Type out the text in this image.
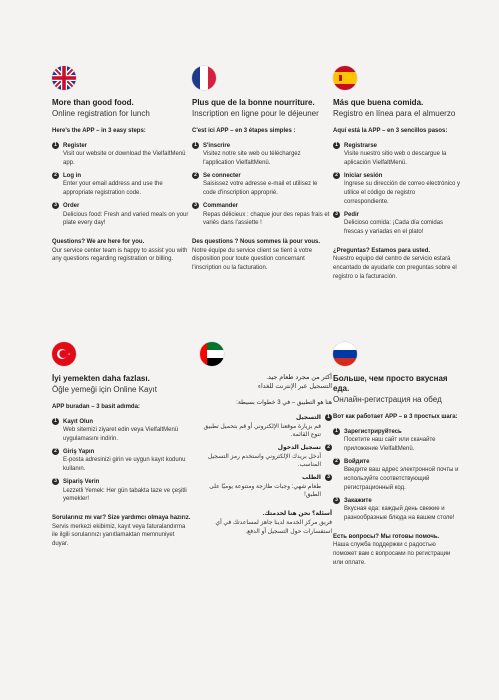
More than good food.

Online registration for lunch

Here's the APP – in 3 easy steps:

1	Register
Visit our website or download the VielfaltMenü app.
2	Log in
Enter your email address and use the appropriate registration code.
3	Order
Delicious food: Fresh and varied meals on your plate every day!
Questions? We are here for you.
Our service center team is happy to assist you with any questions regarding registration or billing.

Plus que de la bonne nourriture.

Inscription en ligne pour le déjeuner

C'est ici APP – en 3 étapes simples :

1	S'inscrire
Visitez notre site web ou téléchargez l'application VielfaltMenü.
2	Se connecter
Saisissez votre adresse e-mail et utilisez le code d'inscription approprié.
3	Commander
Repas délicieux : chaque jour des repas frais et variés dans l'assiette !
Des questions ? Nous sommes là pour vous.
Notre équipe du service client se tient à votre disposition pour toute question concernant l'inscription ou la facturation.

Más que buena comida.

Registro en línea para el almuerzo

Aquí está la APP – en 3 sencillos pasos:

1	Registrarse
Visite nuestro sitio web o descargue la aplicación VielfaltMenü.
2	Iniciar sesión
Ingrese su dirección de correo electrónico y utilice el código de registro correspondiente.
3	Pedir
Delicioso comida: ¡Cada día comidas frescas y variadas en el plato!
¿Preguntas? Estamos para usted.
Nuestro equipo del centro de servicio estará encantado de ayudarle con preguntas sobre el registro o la facturación.

İyi yemekten daha fazlası.

Öğle yemeği için Online Kayıt

APP buradan – 3 basit adımda:

1	Kayıt Olun
Web sitemizi ziyaret edin veya VielfaltMenü uygulamasını indirin.
2	Giriş Yapın
E-posta adresinizi girin ve uygun kayıt kodunu kullanın.
3	Sipariş Verin
Lezzetli Yemek: Her gün tabakta taze ve çeşitli yemekler!
Sorularınız mı var? Size yardımcı olmaya hazırız.
Servis merkezi ekibimiz, kayıt veya faturalandırma ile ilgili sorularınızı yanıtlamaktan memnuniyet duyar.

أكثر من مجرد طعام جيد.

التسجيل عبر الإنترنت للغداء

هنا هو التطبيق – في 3 خطوات بسيطة:

1
التسجيل
قم بزيارة موقعنا الإلكتروني أو قم بتحميل تطبيق تنوع القائمة.
2
تسجيل الدخول
أدخل بريدك الإلكتروني واستخدم رمز التسجيل المناسب.
3
الطلب
طعام شهي: وجبات طازجة ومتنوعة يوميًا على الطبق!
أسئلة؟ نحن هنا لخدمتك.
فريق مركز الخدمة لدينا جاهز لمساعدتك في أي استفسارات حول التسجيل أو الدفع.

Больше, чем просто вкусная еда.

Онлайн-регистрация на обед

Вот как работает APP – в 3 простых шага:

1	Зарегистрируйтесь
Посетите наш сайт или скачайте приложение VielfaltMenü.
2	Войдите
Введите ваш адрес электронной почты и используйте соответствующий регистрационный код.
3	Закажите
Вкусная еда: каждый день свежие и разнообразные блюда на вашем столе!
Есть вопросы? Мы готовы помочь.
Наша служба поддержки с радостью поможет вам с вопросами по регистрации или оплате.
